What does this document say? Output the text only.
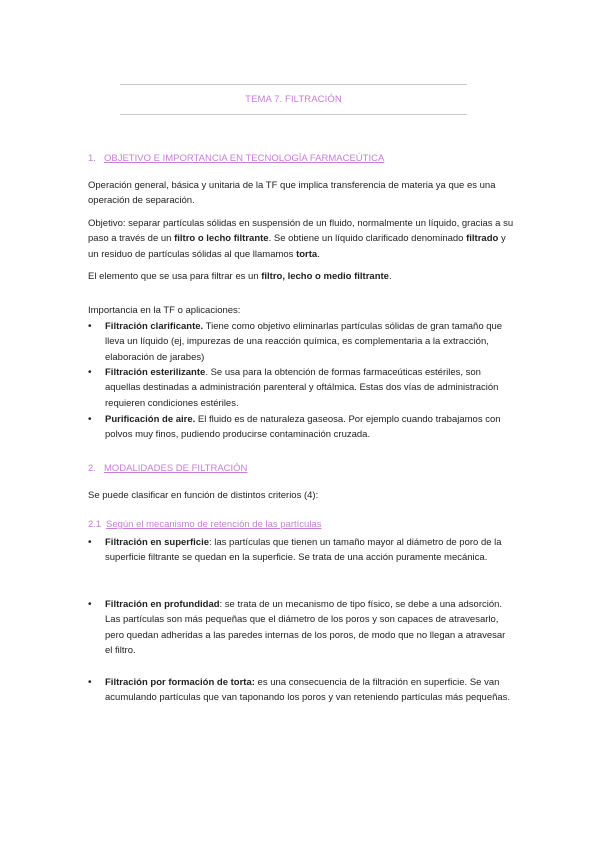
TEMA 7. FILTRACIÓN
1. OBJETIVO E IMPORTANCIA EN TECNOLOGÍA FARMACEÚTICA
Operación general, básica y unitaria de la TF que implica transferencia de materia ya que es una operación de separación.
Objetivo: separar partículas sólidas en suspensión de un fluido, normalmente un líquido, gracias a su paso a través de un filtro o lecho filtrante. Se obtiene un líquido clarificado denominado filtrado y un residuo de partículas sólidas al que llamamos torta.
El elemento que se usa para filtrar es un filtro, lecho o medio filtrante.
Importancia en la TF o aplicaciones:
•	Filtración clarificante. Tiene como objetivo eliminarlas partículas sólidas de gran tamaño que lleva un líquido (ej, impurezas de una reacción química, es complementaria a la extracción, elaboración de jarabes)
•	Filtración esterilizante. Se usa para la obtención de formas farmaceúticas estériles, son aquellas destinadas a administración parenteral y oftálmica. Estas dos vías de administración requieren condiciones estériles.
•	Purificación de aire. El fluido es de naturaleza gaseosa. Por ejemplo cuando trabajamos con polvos muy finos, pudiendo producirse contaminación cruzada.
2. MODALIDADES DE FILTRACIÓN
Se puede clasificar en función de distintos criterios (4):
2.1 Según el mecanismo de retención de las partículas
•	Filtración en superficie: las partículas que tienen un tamaño mayor al diámetro de poro de la superficie filtrante se quedan en la superficie. Se trata de una acción puramente mecánica.
•	Filtración en profundidad: se trata de un mecanismo de tipo físico, se debe a una adsorción. Las partículas son más pequeñas que el diámetro de los poros y son capaces de atravesarlo, pero quedan adheridas a las paredes internas de los poros, de modo que no llegan a atravesar el filtro.
•	Filtración por formación de torta: es una consecuencia de la filtración en superficie. Se van acumulando partículas que van taponando los poros y van reteniendo partículas más pequeñas.
